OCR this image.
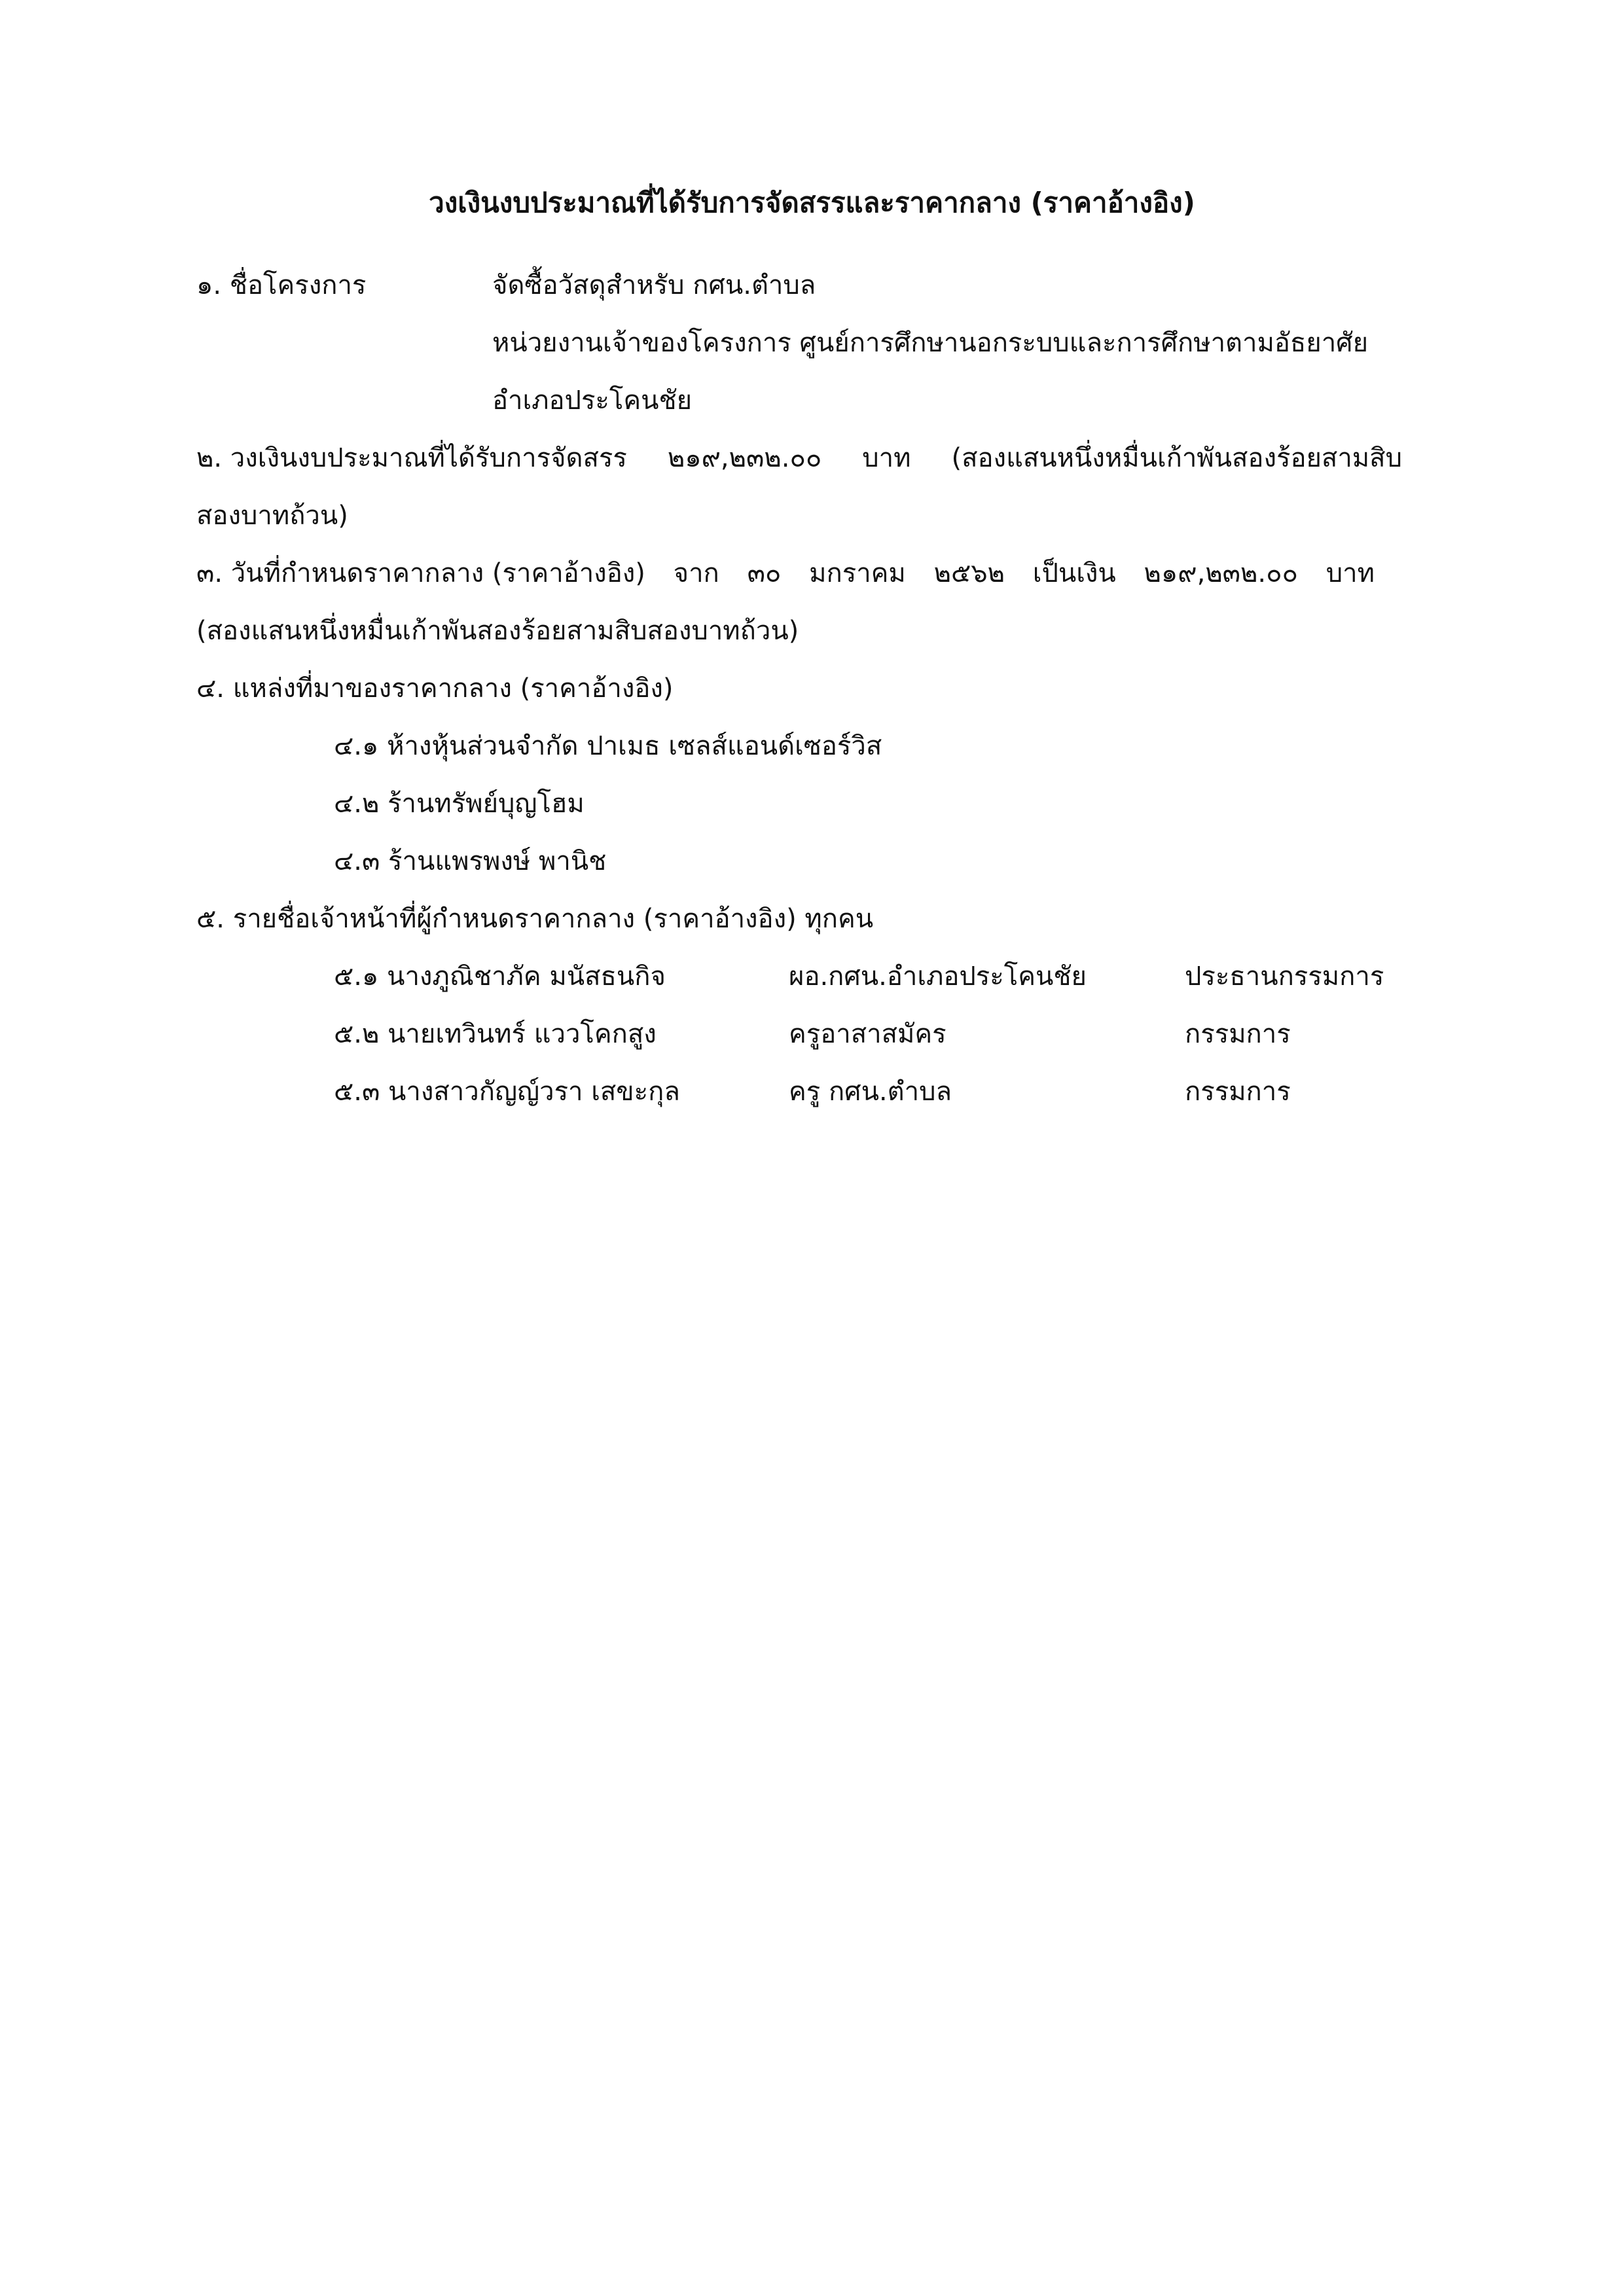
วงเงินงบประมาณที่ได้รับการจัดสรรและราคากลาง (ราคาอ้างอิง)
๑. ชื่อโครงการ	จัดซื้อวัสดุสำหรับ กศน.ตำบล
หน่วยงานเจ้าของโครงการ ศูนย์การศึกษานอกระบบและการศึกษาตามอัธยาศัย
อำเภอประโคนชัย
๒. วงเงินงบประมาณที่ได้รับการจัดสรร ๒๑๙,๒๓๒.๐๐ บาท (สองแสนหนึ่งหมื่นเก้าพันสองร้อยสามสิบ
สองบาทถ้วน)
๓. วันที่กำหนดราคากลาง (ราคาอ้างอิง) จาก ๓๐ มกราคม ๒๕๖๒ เป็นเงิน ๒๑๙,๒๓๒.๐๐ บาท
(สองแสนหนึ่งหมื่นเก้าพันสองร้อยสามสิบสองบาทถ้วน)
๔. แหล่งที่มาของราคากลาง (ราคาอ้างอิง)
๔.๑ ห้างหุ้นส่วนจำกัด ปาเมธ เซลส์แอนด์เซอร์วิส
๔.๒ ร้านทรัพย์บุญโฮม
๔.๓ ร้านแพรพงษ์ พานิช
๕. รายชื่อเจ้าหน้าที่ผู้กำหนดราคากลาง (ราคาอ้างอิง) ทุกคน
๕.๑ นางภูณิชาภัค มนัสธนกิจ	ผอ.กศน.อำเภอประโคนชัย	ประธานกรรมการ
๕.๒ นายเทวินทร์ แววโคกสูง	ครูอาสาสมัคร	กรรมการ
๕.๓ นางสาวกัญญ์วรา เสขะกุล	ครู กศน.ตำบล	กรรมการ
